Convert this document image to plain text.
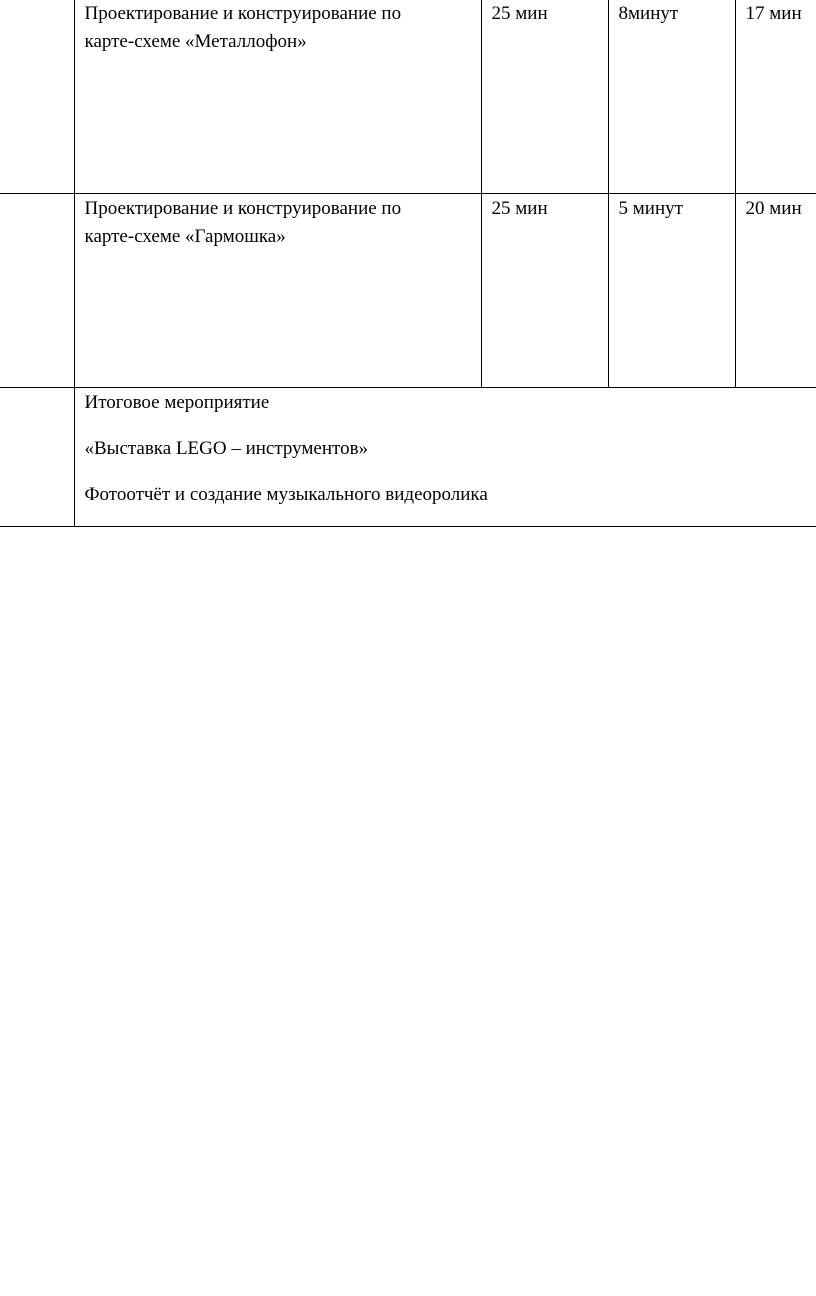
	Проектирование и конструирование по
карте-схеме «Металлофон»	25 мин	8минут	17 мин

	Проектирование и конструирование по
карте-схеме «Гармошка»	25 мин	5 минут	20 мин

	Итоговое мероприятие
«Выставка LEGO – инструментов»
Фотоотчёт и создание музыкального видеоролика			
